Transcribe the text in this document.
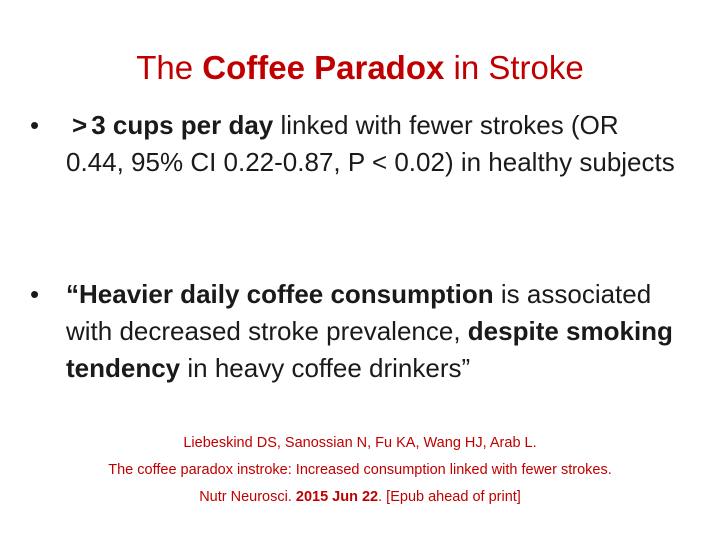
The Coffee Paradox in Stroke
•	> 3 cups per day linked with fewer strokes (OR 0.44, 95% CI 0.22-0.87, P < 0.02) in healthy subjects
•	“Heavier daily coffee consumption is associated with decreased stroke prevalence, despite smoking tendency in heavy coffee drinkers”
Liebeskind DS, Sanossian N, Fu KA, Wang HJ, Arab L.
The coffee paradox instroke: Increased consumption linked with fewer strokes.
Nutr Neurosci. 2015 Jun 22. [Epub ahead of print]
